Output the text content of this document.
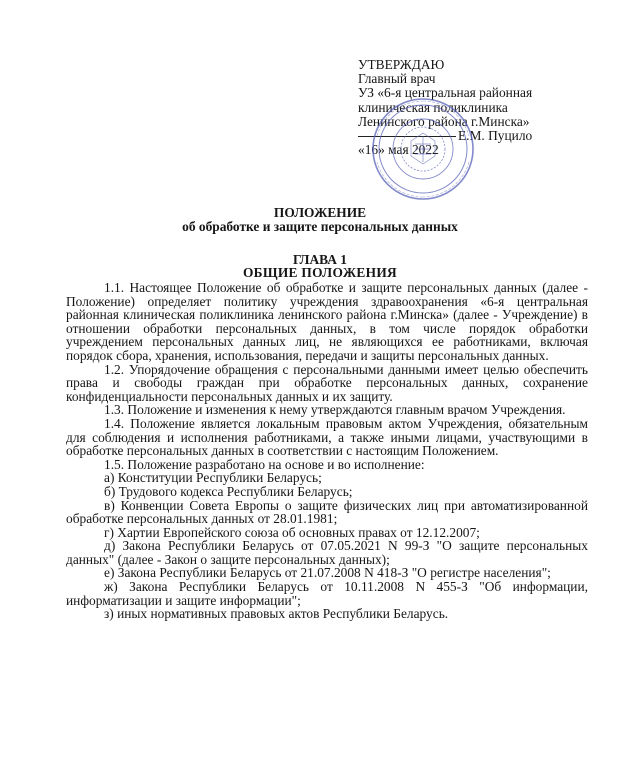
УТВЕРЖДАЮ
Главный врач
УЗ «6-я центральная районная
клиническая поликлиника
Ленинского района г.Минска»
Е.М. Пуцило
«16» мая 2022
ПОЛОЖЕНИЕ
об обработке и защите персональных данных
ГЛАВА 1
ОБЩИЕ ПОЛОЖЕНИЯ

1.1. Настоящее Положение об обработке и защите персональных данных (далее - Положение) определяет политику учреждения здравоохранения «6-я центральная районная клиническая поликлиника ленинского района г.Минска» (далее - Учреждение) в отношении обработки персональных данных, в том числе порядок обработки учреждением персональных данных лиц, не являющихся ее работниками, включая порядок сбора, хранения, использования, передачи и защиты персональных данных.

1.2. Упорядочение обращения с персональными данными имеет целью обеспечить права и свободы граждан при обработке персональных данных, сохранение конфиденциальности персональных данных и их защиту.

1.3. Положение и изменения к нему утверждаются главным врачом Учреждения.

1.4. Положение является локальным правовым актом Учреждения, обязательным для соблюдения и исполнения работниками, а также иными лицами, участвующими в обработке персональных данных в соответствии с настоящим Положением.

1.5. Положение разработано на основе и во исполнение:

а) Конституции Республики Беларусь;

б) Трудового кодекса Республики Беларусь;

в) Конвенции Совета Европы о защите физических лиц при автоматизированной обработке персональных данных от 28.01.1981;

г) Хартии Европейского союза об основных правах от 12.12.2007;

д) Закона Республики Беларусь от 07.05.2021 N 99-З "О защите персональных данных" (далее - Закон о защите персональных данных);

е) Закона Республики Беларусь от 21.07.2008 N 418-З "О регистре населения";

ж) Закона Республики Беларусь от 10.11.2008 N 455-З "Об информации, информатизации и защите информации";

з) иных нормативных правовых актов Республики Беларусь.
